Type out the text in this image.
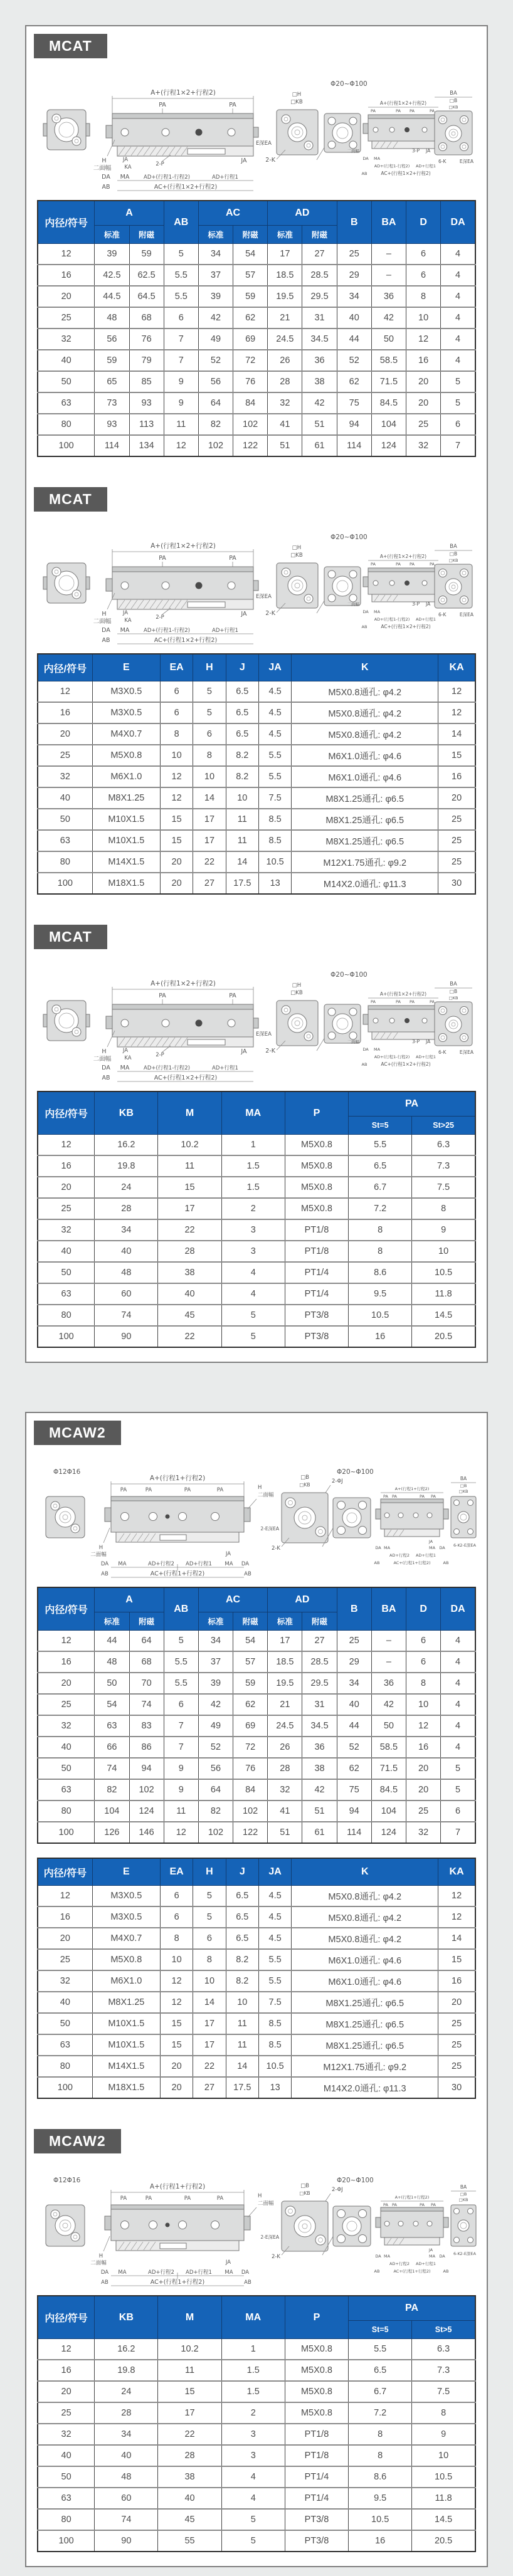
MCAT
A+(行程1×2+行程2)
PA	PA
H
二面幅
JA	JA
KA	2-P
DA MA	AD+(行程1-行程2)	AD+行程1
AB	AC+(行程1×2+行程2)
□H
□KB
E深EA
2-K
Φ20~Φ100
A+(行程1×2+行程2)
PA	PA PA	PA
二面幅	3-P JA
DA MA
AD+(行程1-行程2) AD+行程1
AB	AC+(行程1×2+行程2)
BA
□B
□KB
6-K	E深EA
内径/符号	A		AB	AC		AD		B	BA	D	DA
	标准	附磁		标准	附磁	标准	附磁				
12	39	59	5	34	54	17	27	25	–	6	4
16	42.5	62.5	5.5	37	57	18.5	28.5	29	–	6	4
20	44.5	64.5	5.5	39	59	19.5	29.5	34	36	8	4
25	48	68	6	42	62	21	31	40	42	10	4
32	56	76	7	49	69	24.5	34.5	44	50	12	4
40	59	79	7	52	72	26	36	52	58.5	16	4
50	65	85	9	56	76	28	38	62	71.5	20	5
63	73	93	9	64	84	32	42	75	84.5	20	5
80	93	113	11	82	102	41	51	94	104	25	6
100	114	134	12	102	122	51	61	114	124	32	7
MCAT
A+(行程1×2+行程2)
PA	PA
H
二面幅
JA	JA
KA	2-P
DA MA	AD+(行程1-行程2)	AD+行程1
AB	AC+(行程1×2+行程2)
□H
□KB
E深EA
2-K
Φ20~Φ100
A+(行程1×2+行程2)
PA	PA PA	PA
二面幅	3-P JA
DA MA
AD+(行程1-行程2) AD+行程1
AB	AC+(行程1×2+行程2)
BA
□B
□KB
6-K	E深EA
内径/符号	E	EA	H	J	JA	K	KA
12	M3X0.5	6	5	6.5	4.5	M5X0.8通孔: φ4.2	12
16	M3X0.5	6	5	6.5	4.5	M5X0.8通孔: φ4.2	12
20	M4X0.7	8	6	6.5	4.5	M5X0.8通孔: φ4.2	14
25	M5X0.8	10	8	8.2	5.5	M6X1.0通孔: φ4.6	15
32	M6X1.0	12	10	8.2	5.5	M6X1.0通孔: φ4.6	16
40	M8X1.25	12	14	10	7.5	M8X1.25通孔: φ6.5	20
50	M10X1.5	15	17	11	8.5	M8X1.25通孔: φ6.5	25
63	M10X1.5	15	17	11	8.5	M8X1.25通孔: φ6.5	25
80	M14X1.5	20	22	14	10.5	M12X1.75通孔: φ9.2	25
100	M18X1.5	20	27	17.5	13	M14X2.0通孔: φ11.3	30
MCAT
A+(行程1×2+行程2)
PA	PA
H
二面幅
JA	JA
KA	2-P
DA MA	AD+(行程1-行程2)	AD+行程1
AB	AC+(行程1×2+行程2)
□H
□KB
E深EA
2-K
Φ20~Φ100
A+(行程1×2+行程2)
PA	PA PA	PA
二面幅	3-P JA
DA MA
AD+(行程1-行程2) AD+行程1
AB	AC+(行程1×2+行程2)
BA
□B
□KB
6-K	E深EA
内径/符号	KB	M	MA	P	PA	
					St=5	St>25
12	16.2	10.2	1	M5X0.8	5.5	6.3
16	19.8	11	1.5	M5X0.8	6.5	7.3
20	24	15	1.5	M5X0.8	6.7	7.5
25	28	17	2	M5X0.8	7.2	8
32	34	22	3	PT1/8	8	9
40	40	28	3	PT1/8	8	10
50	48	38	4	PT1/4	8.6	10.5
63	60	40	4	PT1/4	9.5	11.8
80	74	45	5	PT3/8	10.5	14.5
100	90	22	5	PT3/8	16	20.5
MCAW2
Φ12Φ16
A+(行程1+行程2)
PA	PA	PA	PA	H
二面幅
H
二面幅	JA
DA MA	AD+行程2 AD+行程1 MA DA
AB	AC+(行程1+行程2)	AB
□B
□KB
2-ΦJ
2-E深EA
2-K
Φ20~Φ100
A+(行程1+行程2)
PA PA	PA PA
JA
DA MA	MA DA
AD+行程2 AD+行程1
AB	AC+(行程1+行程2)	AB
BA
□B
□KB
6-K 2-E深EA
内径/符号	A		AB	AC		AD		B	BA	D	DA
	标准	附磁		标准	附磁	标准	附磁				
12	44	64	5	34	54	17	27	25	–	6	4
16	48	68	5.5	37	57	18.5	28.5	29	–	6	4
20	50	70	5.5	39	59	19.5	29.5	34	36	8	4
25	54	74	6	42	62	21	31	40	42	10	4
32	63	83	7	49	69	24.5	34.5	44	50	12	4
40	66	86	7	52	72	26	36	52	58.5	16	4
50	74	94	9	56	76	28	38	62	71.5	20	5
63	82	102	9	64	84	32	42	75	84.5	20	5
80	104	124	11	82	102	41	51	94	104	25	6
100	126	146	12	102	122	51	61	114	124	32	7
内径/符号	E	EA	H	J	JA	K	KA
12	M3X0.5	6	5	6.5	4.5	M5X0.8通孔: φ4.2	12
16	M3X0.5	6	5	6.5	4.5	M5X0.8通孔: φ4.2	12
20	M4X0.7	8	6	6.5	4.5	M5X0.8通孔: φ4.2	14
25	M5X0.8	10	8	8.2	5.5	M6X1.0通孔: φ4.6	15
32	M6X1.0	12	10	8.2	5.5	M6X1.0通孔: φ4.6	16
40	M8X1.25	12	14	10	7.5	M8X1.25通孔: φ6.5	20
50	M10X1.5	15	17	11	8.5	M8X1.25通孔: φ6.5	25
63	M10X1.5	15	17	11	8.5	M8X1.25通孔: φ6.5	25
80	M14X1.5	20	22	14	10.5	M12X1.75通孔: φ9.2	25
100	M18X1.5	20	27	17.5	13	M14X2.0通孔: φ11.3	30
MCAW2
Φ12Φ16
A+(行程1+行程2)
PA	PA	PA	PA	H
二面幅
H
二面幅	JA
DA MA	AD+行程2 AD+行程1 MA DA
AB	AC+(行程1+行程2)	AB
□B
□KB
2-ΦJ
2-E深EA
2-K
Φ20~Φ100
A+(行程1+行程2)
PA PA	PA PA
JA
DA MA	MA DA
AD+行程2 AD+行程1
AB	AC+(行程1+行程2)	AB
BA
□B
□KB
6-K 2-E深EA
内径/符号	KB	M	MA	P	PA	
					St=5	St>5
12	16.2	10.2	1	M5X0.8	5.5	6.3
16	19.8	11	1.5	M5X0.8	6.5	7.3
20	24	15	1.5	M5X0.8	6.7	7.5
25	28	17	2	M5X0.8	7.2	8
32	34	22	3	PT1/8	8	9
40	40	28	3	PT1/8	8	10
50	48	38	4	PT1/4	8.6	10.5
63	60	40	4	PT1/4	9.5	11.8
80	74	45	5	PT3/8	10.5	14.5
100	90	55	5	PT3/8	16	20.5
